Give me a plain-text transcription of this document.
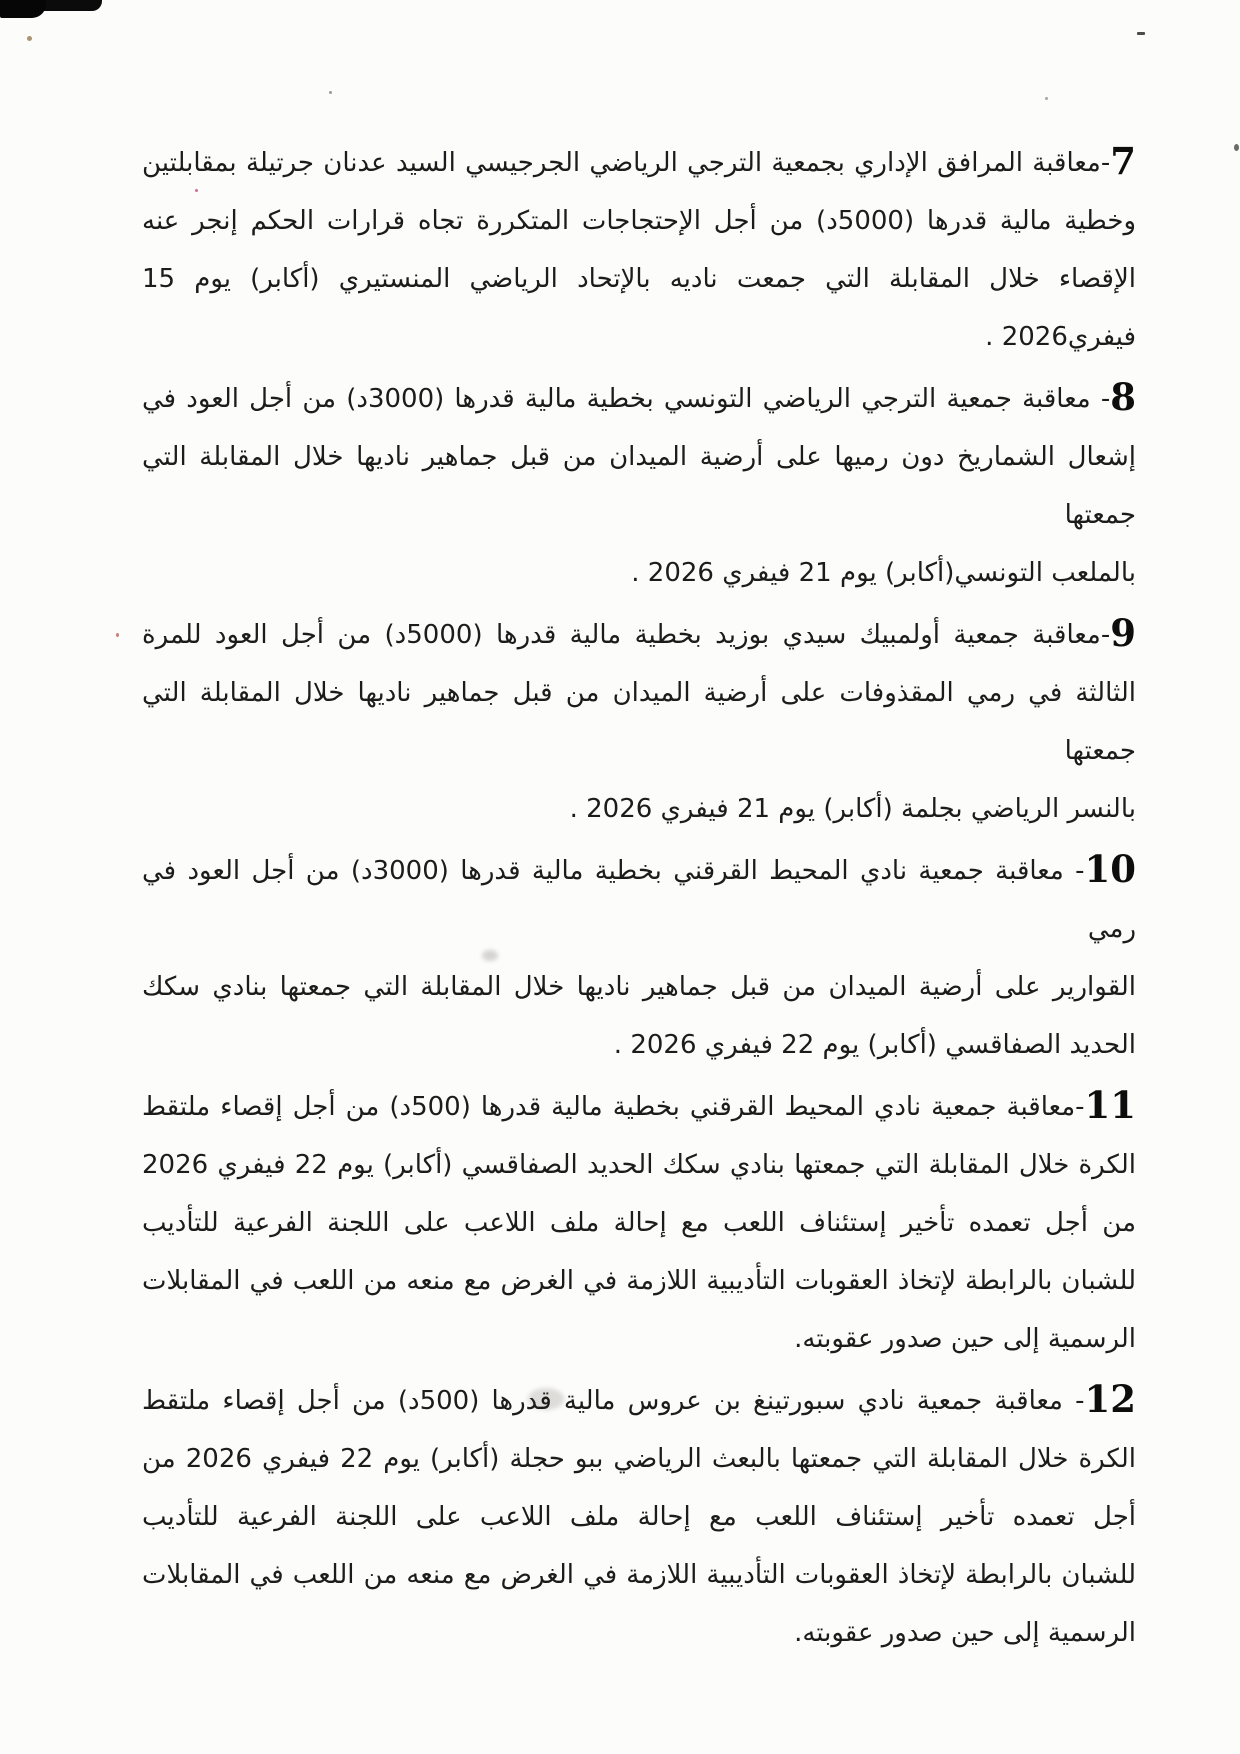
7-معاقبة المرافق الإداري بجمعية الترجي الرياضي الجرجيسي السيد عدنان جرتيلة بمقابلتين
وخطية مالية قدرها (5000د) من أجل الإحتجاجات المتكررة تجاه قرارات الحكم إنجر عنه
الإقصاء خلال المقابلة التي جمعت ناديه بالإتحاد الرياضي المنستيري (أكابر) يوم 15
فيفري2026 .
8- معاقبة جمعية الترجي الرياضي التونسي بخطية مالية قدرها (3000د) من أجل العود في
إشعال الشماريخ دون رميها على أرضية الميدان من قبل جماهير ناديها خلال المقابلة التي جمعتها
بالملعب التونسي(أكابر) يوم 21 فيفري 2026 .
9-معاقبة جمعية أولمبيك سيدي بوزيد بخطية مالية قدرها (5000د) من أجل العود للمرة
الثالثة في رمي المقذوفات على أرضية الميدان من قبل جماهير ناديها خلال المقابلة التي جمعتها
بالنسر الرياضي بجلمة (أكابر) يوم 21 فيفري 2026 .
10- معاقبة جمعية نادي المحيط القرقني بخطية مالية قدرها (3000د) من أجل العود في رمي
القوارير على أرضية الميدان من قبل جماهير ناديها خلال المقابلة التي جمعتها بنادي سكك
الحديد الصفاقسي (أكابر) يوم 22 فيفري 2026 .
11-معاقبة جمعية نادي المحيط القرقني بخطية مالية قدرها (500د) من أجل إقصاء ملتقط
الكرة خلال المقابلة التي جمعتها بنادي سكك الحديد الصفاقسي (أكابر) يوم 22 فيفري 2026
من أجل تعمده تأخير إستئناف اللعب مع إحالة ملف اللاعب على اللجنة الفرعية للتأديب
للشبان بالرابطة لإتخاذ العقوبات التأديبية اللازمة في الغرض مع منعه من اللعب في المقابلات
الرسمية إلى حين صدور عقوبته.
12- معاقبة جمعية نادي سبورتينغ بن عروس مالية قدرها (500د) من أجل إقصاء ملتقط
الكرة خلال المقابلة التي جمعتها بالبعث الرياضي ببو حجلة (أكابر) يوم 22 فيفري 2026 من
أجل تعمده تأخير إستئناف اللعب مع إحالة ملف اللاعب على اللجنة الفرعية للتأديب
للشبان بالرابطة لإتخاذ العقوبات التأديبية اللازمة في الغرض مع منعه من اللعب في المقابلات
الرسمية إلى حين صدور عقوبته.
